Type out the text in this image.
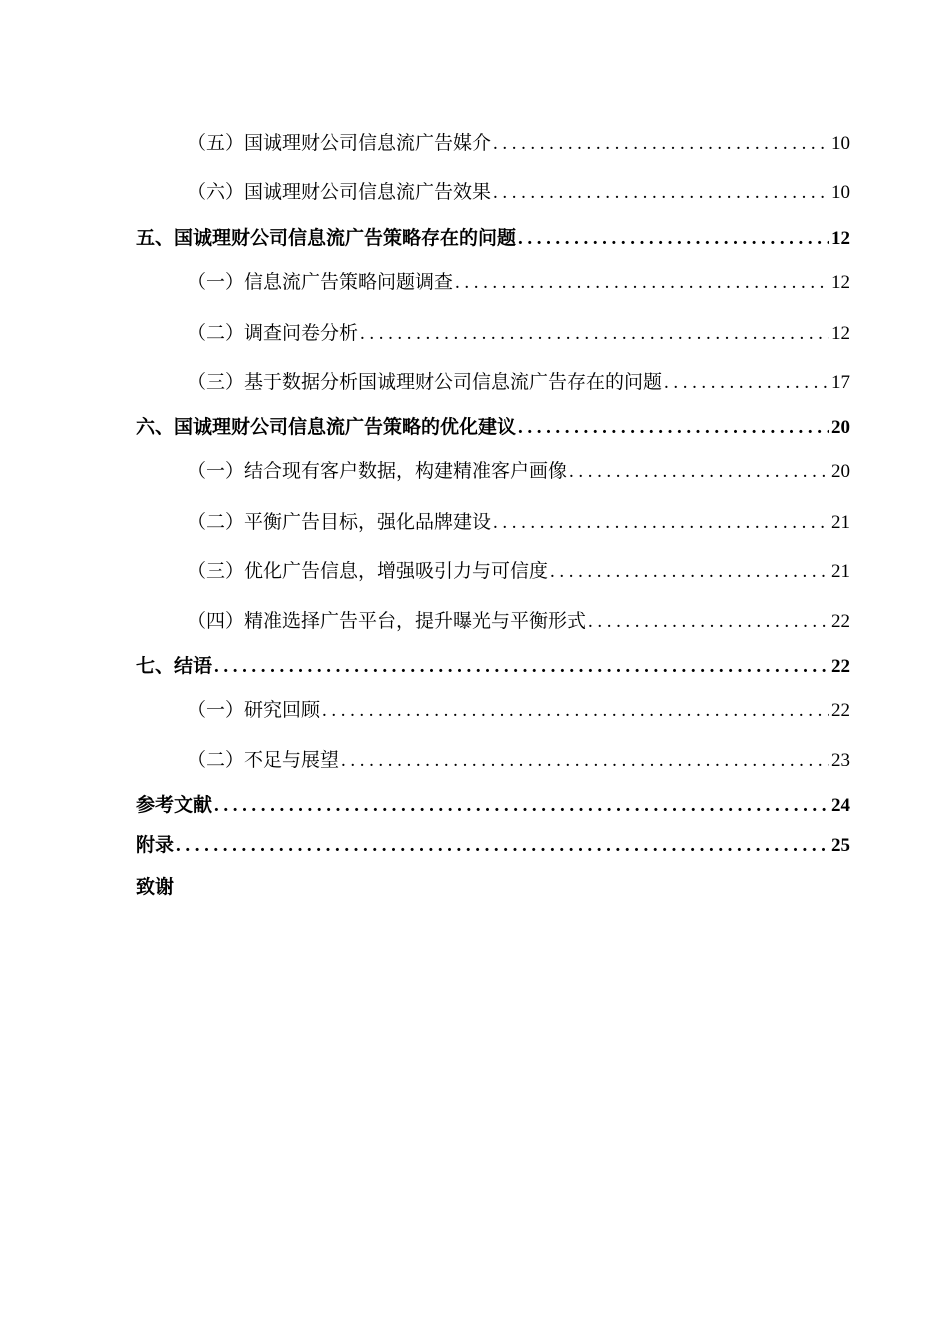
（五）国诚理财公司信息流广告媒介 .....	10
（六）国诚理财公司信息流广告效果 .....	10
五、国诚理财公司信息流广告策略存在的问题 .....	12
（一）信息流广告策略问题调查 .....	12
（二）调查问卷分析 .....	12
（三）基于数据分析国诚理财公司信息流广告存在的问题 .....	17
六、国诚理财公司信息流广告策略的优化建议 .....	20
（一）结合现有客户数据，构建精准客户画像 .....	20
（二）平衡广告目标，强化品牌建设 .....	21
（三）优化广告信息，增强吸引力与可信度 .....	21
（四）精准选择广告平台，提升曝光与平衡形式 .....	22
七、结语 .....	22
（一）研究回顾 .....	22
（二）不足与展望 .....	23
参考文献 .....	24
附录 .....	25
致谢
